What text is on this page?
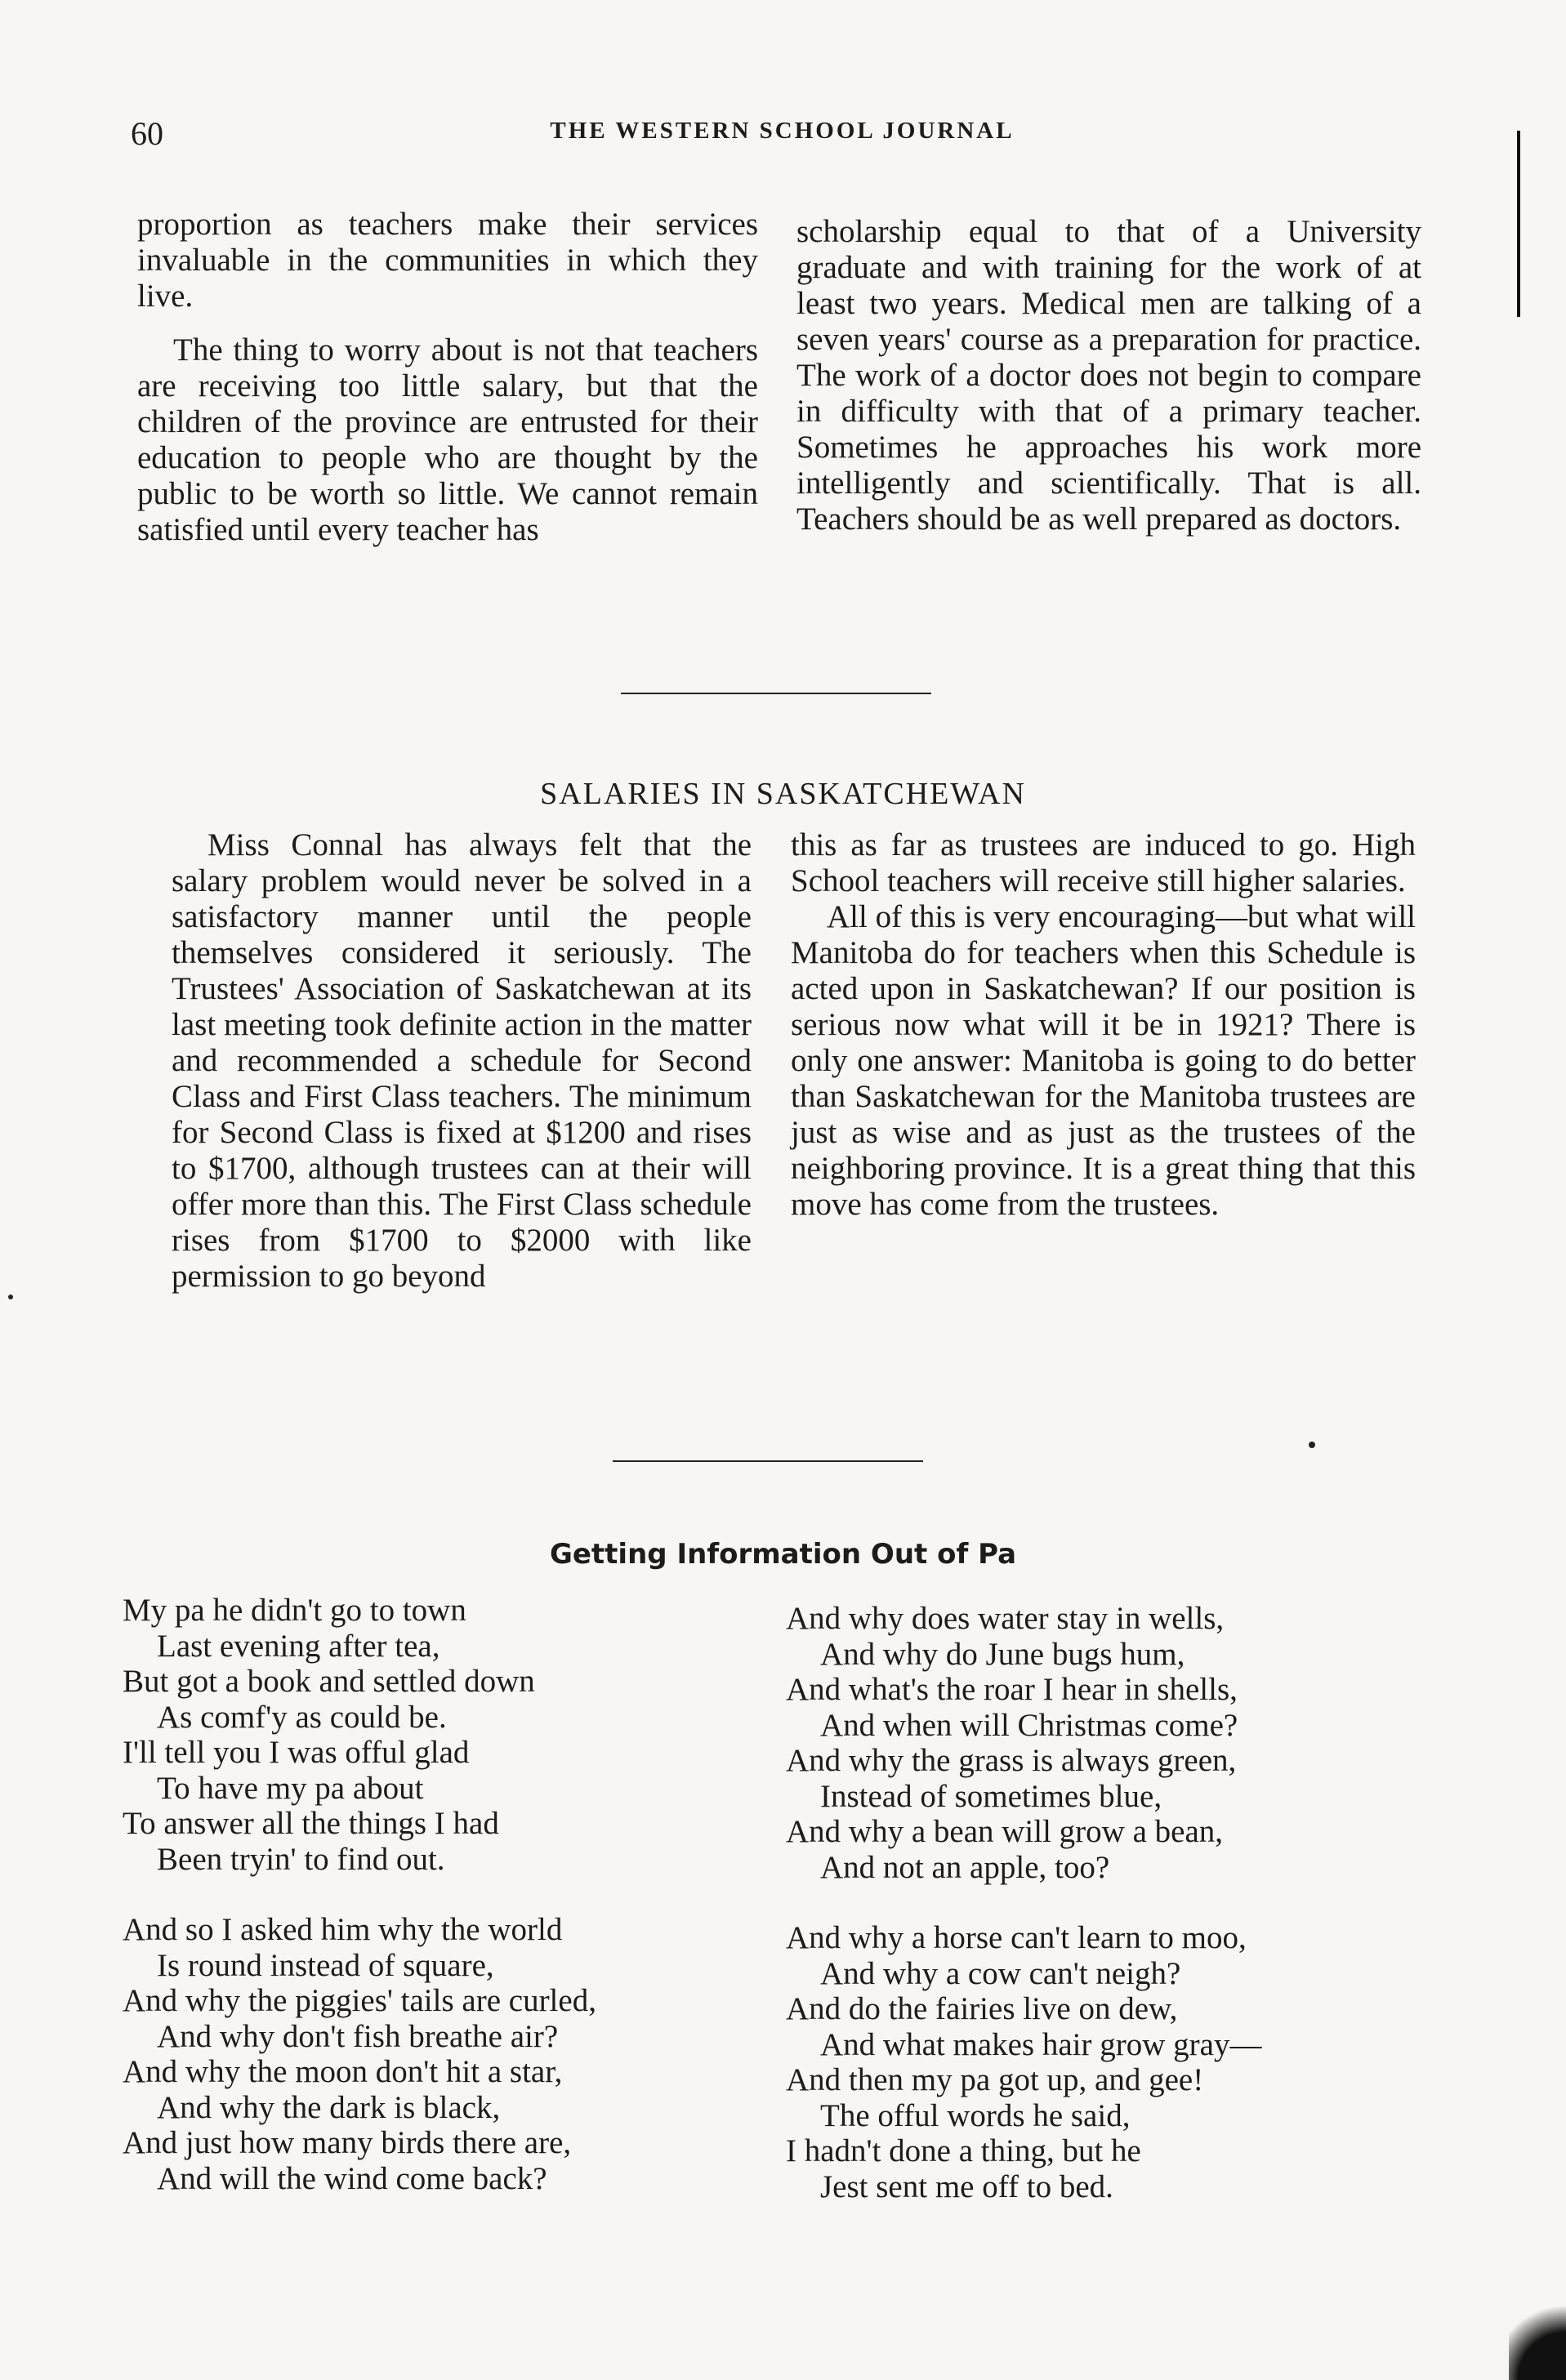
60	THE WESTERN SCHOOL JOURNAL

proportion as teachers make their services invaluable in the communities in which they live.

The thing to worry about is not that teachers are receiving too little salary, but that the children of the province are entrusted for their education to people who are thought by the public to be worth so little. We cannot remain satisfied until every teacher has

scholarship equal to that of a University graduate and with training for the work of at least two years. Medical men are talking of a seven years' course as a preparation for practice. The work of a doctor does not begin to compare in difficulty with that of a primary teacher. Sometimes he approaches his work more intelligently and scientifically. That is all. Teachers should be as well prepared as doctors.

SALARIES IN SASKATCHEWAN

Miss Connal has always felt that the salary problem would never be solved in a satisfactory manner until the people themselves considered it seriously. The Trustees' Association of Saskatchewan at its last meeting took definite action in the matter and recommended a schedule for Second Class and First Class teachers. The minimum for Second Class is fixed at $1200 and rises to $1700, although trustees can at their will offer more than this. The First Class schedule rises from $1700 to $2000 with like permission to go beyond

this as far as trustees are induced to go. High School teachers will receive still higher salaries.

All of this is very encouraging—but what will Manitoba do for teachers when this Schedule is acted upon in Saskatchewan? If our position is serious now what will it be in 1921? There is only one answer: Manitoba is going to do better than Saskatchewan for the Manitoba trustees are just as wise and as just as the trustees of the neighboring province. It is a great thing that this move has come from the trustees.

Getting Information Out of Pa
My pa he didn't go to town
Last evening after tea,
But got a book and settled down
As comf'y as could be.
I'll tell you I was offul glad
To have my pa about
To answer all the things I had
Been tryin' to find out.
And so I asked him why the world
Is round instead of square,
And why the piggies' tails are curled,
And why don't fish breathe air?
And why the moon don't hit a star,
And why the dark is black,
And just how many birds there are,
And will the wind come back?
And why does water stay in wells,
And why do June bugs hum,
And what's the roar I hear in shells,
And when will Christmas come?
And why the grass is always green,
Instead of sometimes blue,
And why a bean will grow a bean,
And not an apple, too?
And why a horse can't learn to moo,
And why a cow can't neigh?
And do the fairies live on dew,
And what makes hair grow gray—
And then my pa got up, and gee!
The offul words he said,
I hadn't done a thing, but he
Jest sent me off to bed.
